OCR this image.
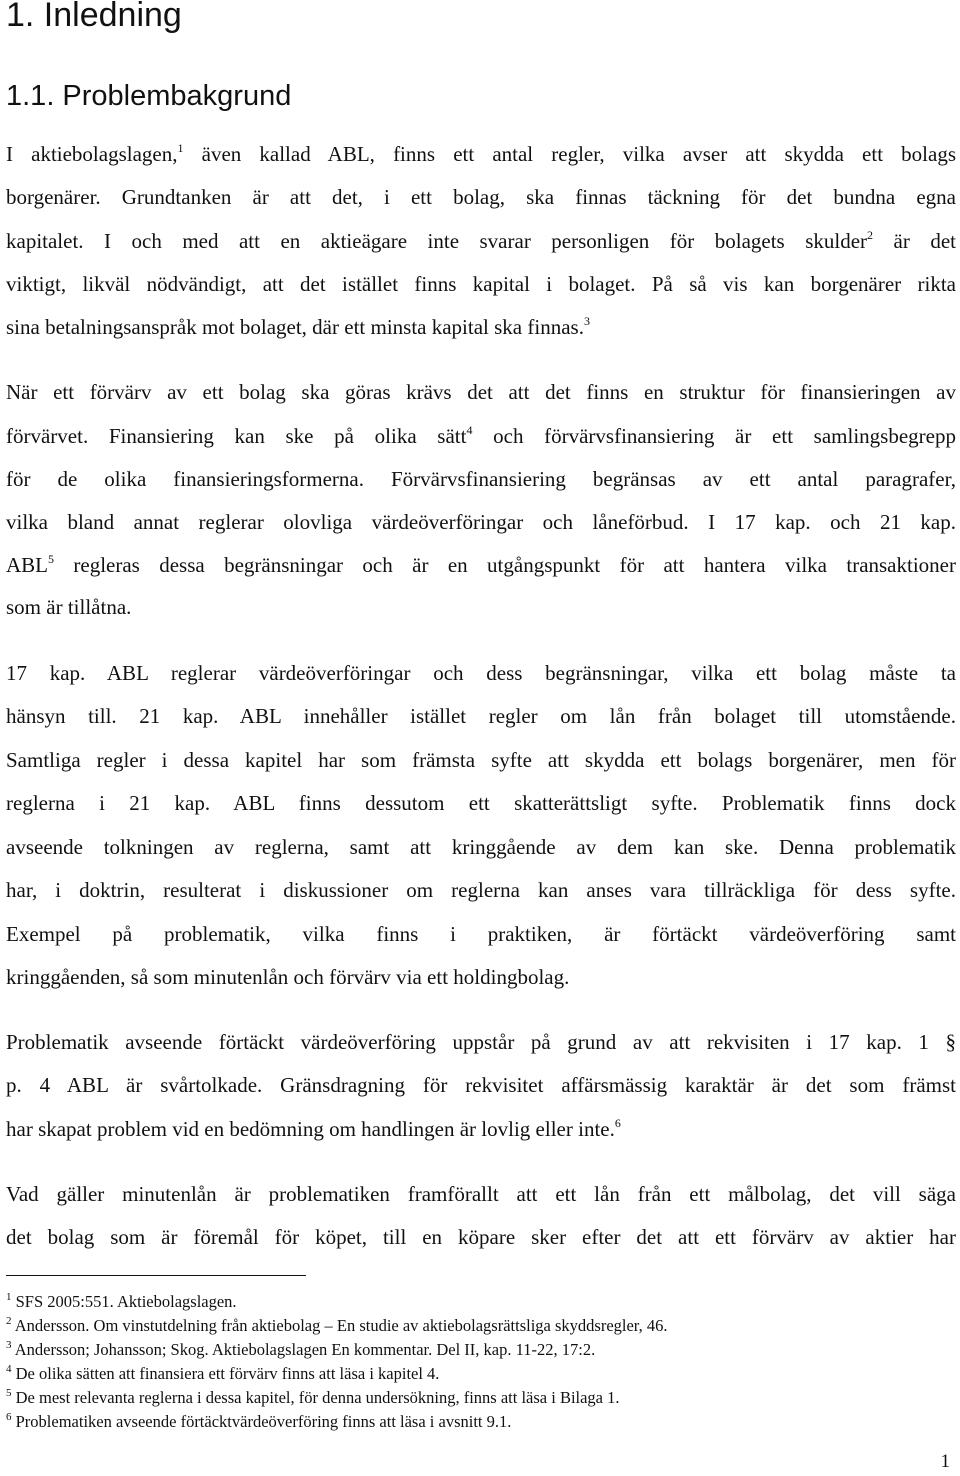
1. Inledning
1.1. Problembakgrund

I aktiebolagslagen,$^1$ även kallad ABL, finns ett antal regler, vilka avser att skydda ett bolags

borgenärer. Grundtanken är att det, i ett bolag, ska finnas täckning för det bundna egna

kapitalet. I och med att en aktieägare inte svarar personligen för bolagets skulder$^2$ är det

viktigt, likväl nödvändigt, att det istället finns kapital i bolaget. På så vis kan borgenärer rikta

sina betalningsanspråk mot bolaget, där ett minsta kapital ska finnas.$^3$

När ett förvärv av ett bolag ska göras krävs det att det finns en struktur för finansieringen av

förvärvet. Finansiering kan ske på olika sätt$^4$ och förvärvsfinansiering är ett samlingsbegrepp

för de olika finansieringsformerna. Förvärvsfinansiering begränsas av ett antal paragrafer,

vilka bland annat reglerar olovliga värdeöverföringar och låneförbud. I 17 kap. och 21 kap.

ABL$^5$ regleras dessa begränsningar och är en utgångspunkt för att hantera vilka transaktioner

som är tillåtna.

17 kap. ABL reglerar värdeöverföringar och dess begränsningar, vilka ett bolag måste ta

hänsyn till. 21 kap. ABL innehåller istället regler om lån från bolaget till utomstående.

Samtliga regler i dessa kapitel har som främsta syfte att skydda ett bolags borgenärer, men för

reglerna i 21 kap. ABL finns dessutom ett skatterättsligt syfte. Problematik finns dock

avseende tolkningen av reglerna, samt att kringgående av dem kan ske. Denna problematik

har, i doktrin, resulterat i diskussioner om reglerna kan anses vara tillräckliga för dess syfte.

Exempel på problematik, vilka finns i praktiken, är förtäckt värdeöverföring samt

kringgåenden, så som minutenlån och förvärv via ett holdingbolag.

Problematik avseende förtäckt värdeöverföring uppstår på grund av att rekvisiten i 17 kap. 1 §

p. 4 ABL är svårtolkade. Gränsdragning för rekvisitet affärsmässig karaktär är det som främst

har skapat problem vid en bedömning om handlingen är lovlig eller inte.$^6$

Vad gäller minutenlån är problematiken framförallt att ett lån från ett målbolag, det vill säga

det bolag som är föremål för köpet, till en köpare sker efter det att ett förvärv av aktier har

$^1$ SFS 2005:551. Aktiebolagslagen.

$^2$ Andersson. Om vinstutdelning från aktiebolag – En studie av aktiebolagsrättsliga skyddsregler, 46.

$^3$ Andersson; Johansson; Skog. Aktiebolagslagen En kommentar. Del II, kap. 11-22, 17:2.

$^4$ De olika sätten att finansiera ett förvärv finns att läsa i kapitel 4.

$^5$ De mest relevanta reglerna i dessa kapitel, för denna undersökning, finns att läsa i Bilaga 1.

$^6$ Problematiken avseende förtäcktvärdeöverföring finns att läsa i avsnitt 9.1.

1
